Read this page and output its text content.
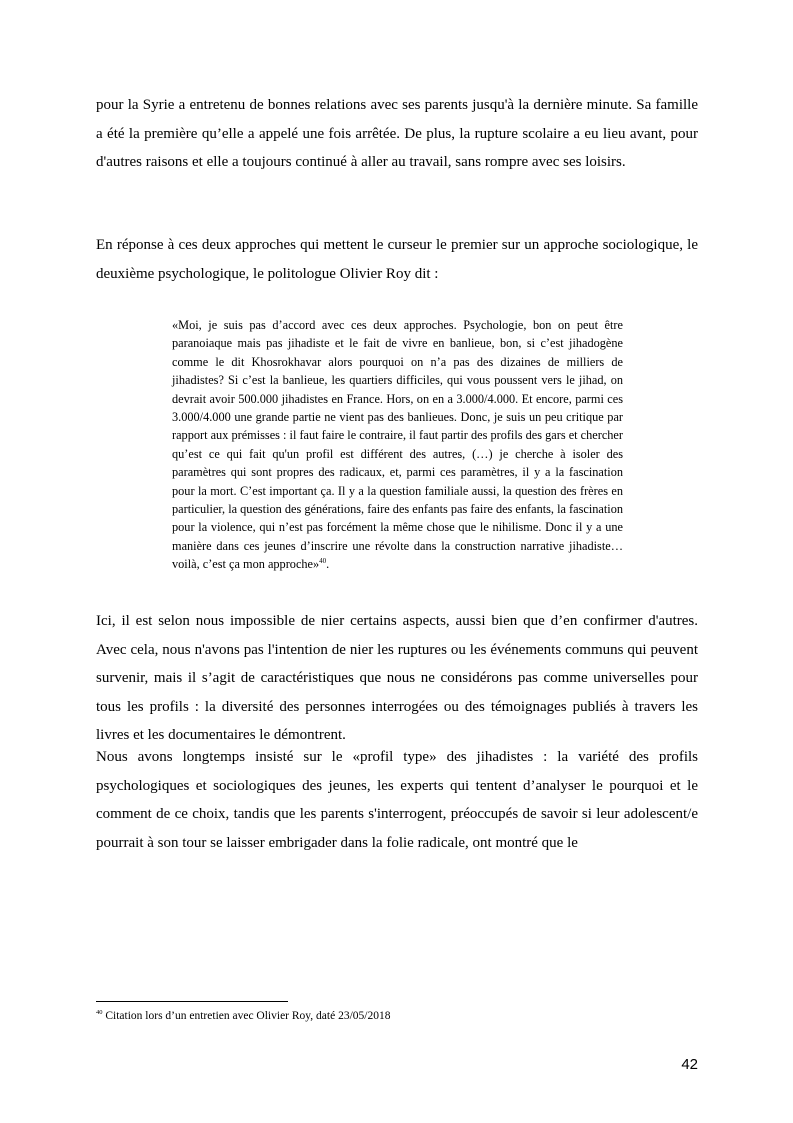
pour la Syrie a entretenu de bonnes relations avec ses parents jusqu'à la dernière minute. Sa famille a été la première qu’elle a appelé une fois arrêtée. De plus, la rupture scolaire a eu lieu avant, pour d'autres raisons et elle a toujours continué à aller au travail, sans rompre avec ses loisirs.

En réponse à ces deux approches qui mettent le curseur le premier sur un approche sociologique, le deuxième psychologique, le politologue Olivier Roy dit :

«Moi, je suis pas d’accord avec ces deux approches. Psychologie, bon on peut être paranoiaque mais pas jihadiste et le fait de vivre en banlieue, bon, si c’est jihadogène comme le dit Khosrokhavar alors pourquoi on n’a pas des dizaines de milliers de jihadistes? Si c’est la banlieue, les quartiers difficiles, qui vous poussent vers le jihad, on devrait avoir 500.000 jihadistes en France. Hors, on en a 3.000/4.000. Et encore, parmi ces 3.000/4.000 une grande partie ne vient pas des banlieues. Donc, je suis un peu critique par rapport aux prémisses : il faut faire le contraire, il faut partir des profils des gars et chercher qu’est ce qui fait qu'un profil est différent des autres, (…) je cherche à isoler des paramètres qui sont propres des radicaux, et, parmi ces paramètres, il y a la fascination pour la mort. C’est important ça. Il y a la question familiale aussi, la question des frères en particulier, la question des générations, faire des enfants pas faire des enfants, la fascination pour la violence, qui n’est pas forcément la même chose que le nihilisme. Donc il y a une manière dans ces jeunes d’inscrire une révolte dans la construction narrative jihadiste… voilà, c’est ça mon approche»$^{40}$.

Ici, il est selon nous impossible de nier certains aspects, aussi bien que d’en confirmer d'autres. Avec cela, nous n'avons pas l'intention de nier les ruptures ou les événements communs qui peuvent survenir, mais il s’agit de caractéristiques que nous ne considérons pas comme universelles pour tous les profils : la diversité des personnes interrogées ou des témoignages publiés à travers les livres et les documentaires le démontrent.

Nous avons longtemps insisté sur le «profil type» des jihadistes : la variété des profils psychologiques et sociologiques des jeunes, les experts qui tentent d’analyser le pourquoi et le comment de ce choix, tandis que les parents s'interrogent, préoccupés de savoir si leur adolescent/e pourrait à son tour se laisser embrigader dans la folie radicale, ont montré que le

$^{40}$ Citation lors d’un entretien avec Olivier Roy, daté 23/05/2018

42
